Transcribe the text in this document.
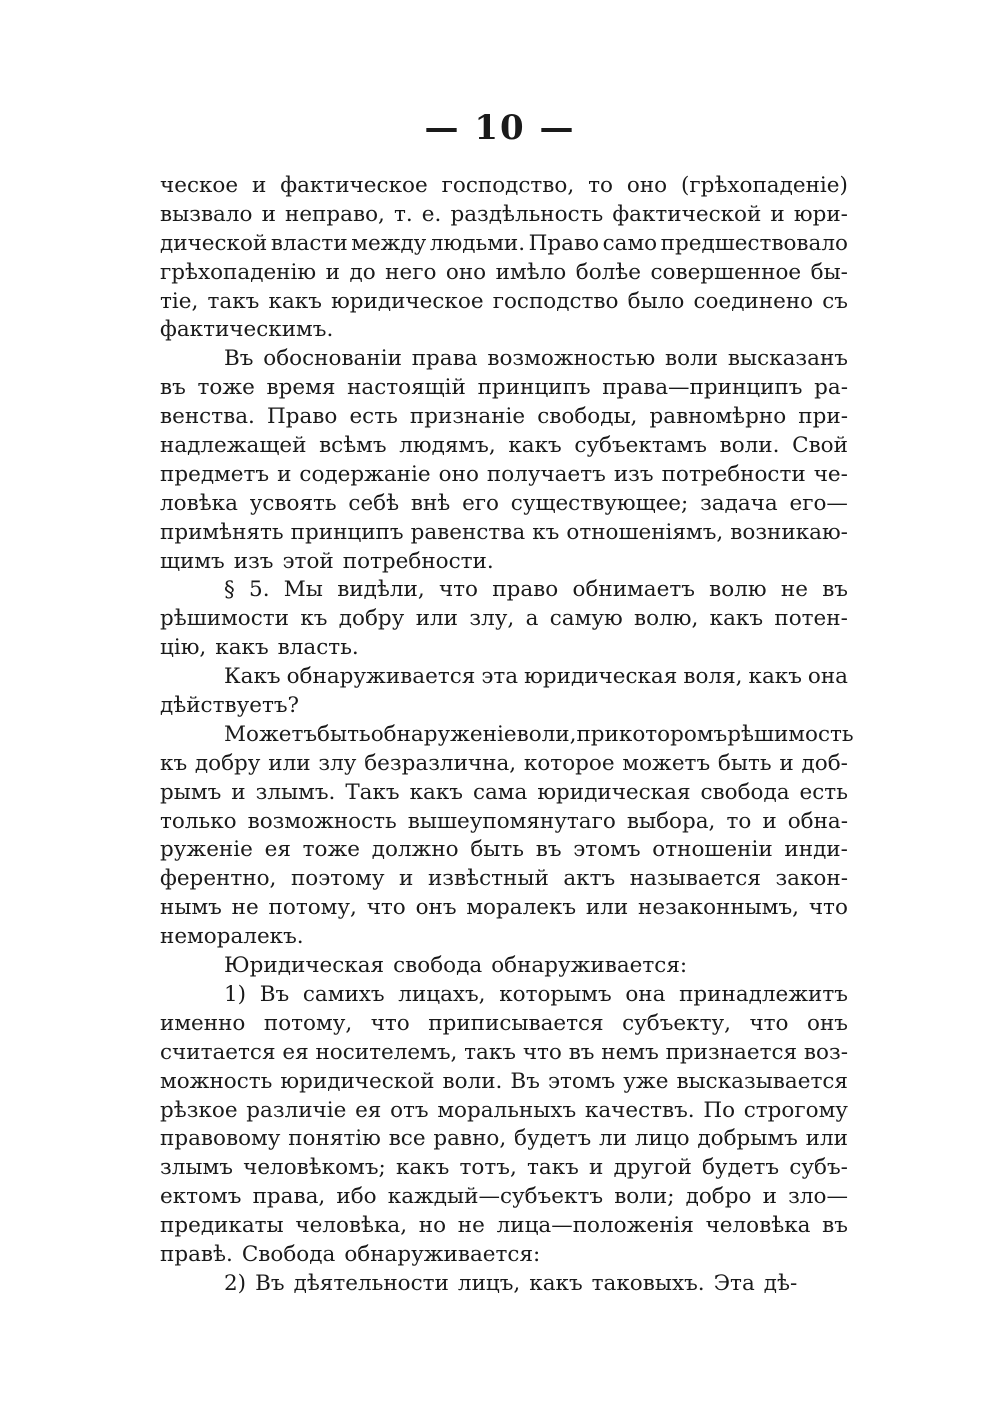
— 10 —
ческое и фактическое господство, то оно (грѣхопаденіе)
вызвало и неправо, т. е. раздѣльность фактической и юри-
дической власти между людьми. Право само предшествовало
грѣхопаденію и до него оно имѣло болѣе совершенное бы-
тіе, такъ какъ юридическое господство было соединено съ
фактическимъ.
Въ обоснованіи права возможностью воли высказанъ
въ тоже время настоящій принципъ права—принципъ ра-
венства. Право есть признаніе свободы, равномѣрно при-
надлежащей всѣмъ людямъ, какъ субъектамъ воли. Свой
предметъ и содержаніе оно получаетъ изъ потребности че-
ловѣка усвоять себѣ внѣ его существующее; задача его—
примѣнять принципъ равенства къ отношеніямъ, возникаю-
щимъ изъ этой потребности.
§ 5. Мы видѣли, что право обнимаетъ волю не въ
рѣшимости къ добру или злу, а самую волю, какъ потен-
цію, какъ власть.
Какъ обнаруживается эта юридическая воля, какъ она
дѣйствуетъ?
Можетъ быть обнаруженіе воли, при которомъ рѣшимость
къ добру или злу безразлична, которое можетъ быть и доб-
рымъ и злымъ. Такъ какъ сама юридическая свобода есть
только возможность вышеупомянутаго выбора, то и обна-
руженіе ея тоже должно быть въ этомъ отношеніи инди-
ферентно, поэтому и извѣстный актъ называется закон-
нымъ не потому, что онъ моралекъ или незаконнымъ, что
неморалекъ.
Юридическая свобода обнаруживается:
1) Въ самихъ лицахъ, которымъ она принадлежитъ
именно потому, что приписывается субъекту, что онъ
считается ея носителемъ, такъ что въ немъ признается воз-
можность юридической воли. Въ этомъ уже высказывается
рѣзкое различіе ея отъ моральныхъ качествъ. По строгому
правовому понятію все равно, будетъ ли лицо добрымъ или
злымъ человѣкомъ; какъ тотъ, такъ и другой будетъ субъ-
ектомъ права, ибо каждый—субъектъ воли; добро и зло—
предикаты человѣка, но не лица—положенія человѣка въ
правѣ. Свобода обнаруживается:
2) Въ дѣятельности лицъ, какъ таковыхъ. Эта дѣ-
